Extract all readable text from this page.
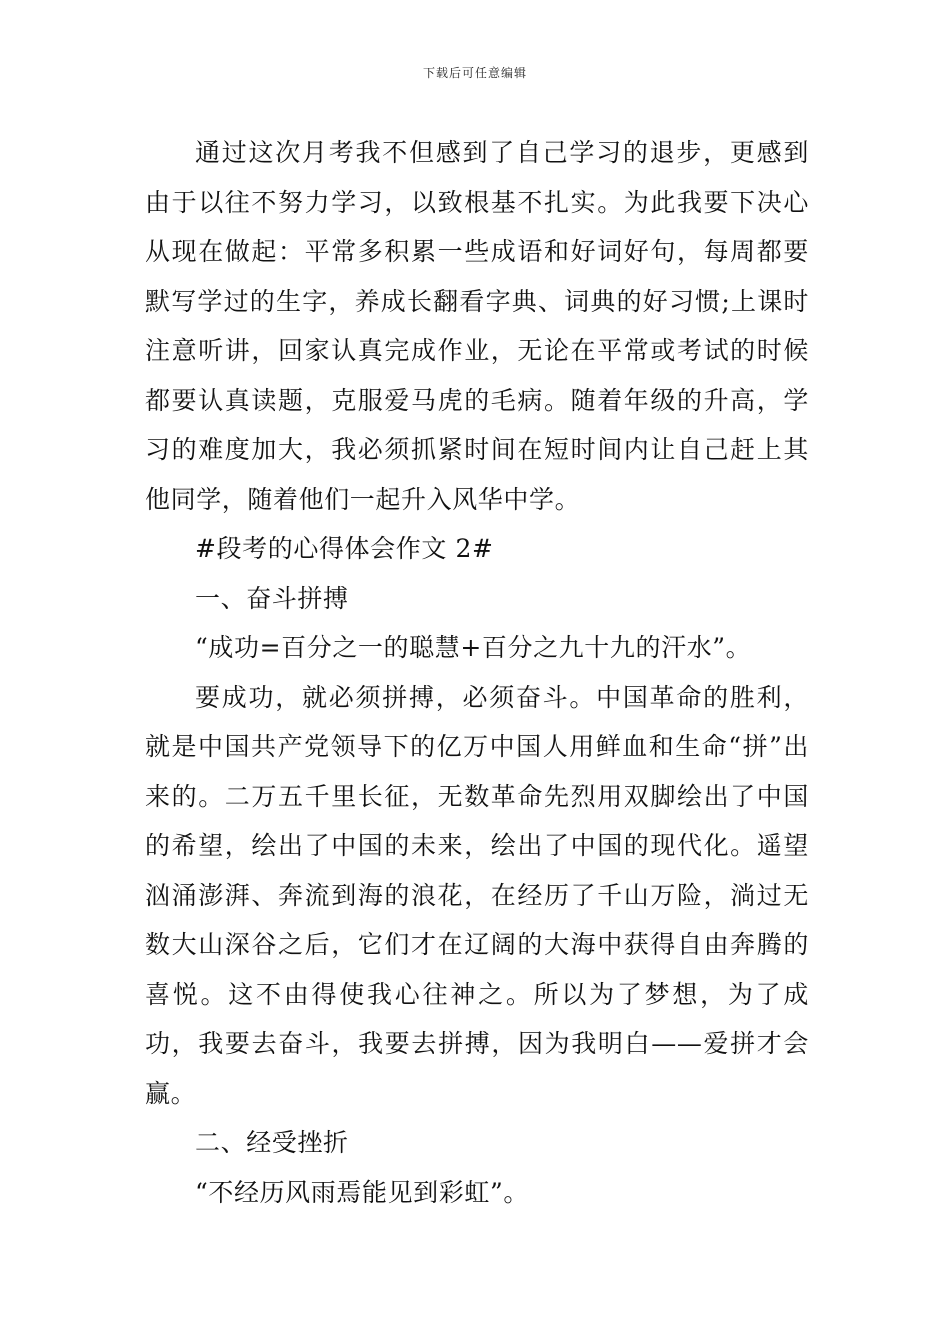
下载后可任意编辑

通过这次月考我不但感到了自己学习的退步，更感到由于以往不努力学习，以致根基不扎实。为此我要下决心从现在做起：平常多积累一些成语和好词好句，每周都要默写学过的生字，养成长翻看字典、词典的好习惯;上课时注意听讲，回家认真完成作业，无论在平常或考试的时候都要认真读题，克服爱马虎的毛病。随着年级的升高，学习的难度加大，我必须抓紧时间在短时间内让自己赶上其他同学，随着他们一起升入风华中学。

#段考的心得体会作文 2#

一、奋斗拼搏

“成功=百分之一的聪慧+百分之九十九的汗水”。

要成功，就必须拼搏，必须奋斗。中国革命的胜利，就是中国共产党领导下的亿万中国人用鲜血和生命“拼”出来的。二万五千里长征，无数革命先烈用双脚绘出了中国的希望，绘出了中国的未来，绘出了中国的现代化。遥望汹涌澎湃、奔流到海的浪花，在经历了千山万险，淌过无数大山深谷之后，它们才在辽阔的大海中获得自由奔腾的喜悦。这不由得使我心往神之。所以为了梦想，为了成功，我要去奋斗，我要去拼搏，因为我明白——爱拼才会赢。

二、经受挫折

“不经历风雨焉能见到彩虹”。
